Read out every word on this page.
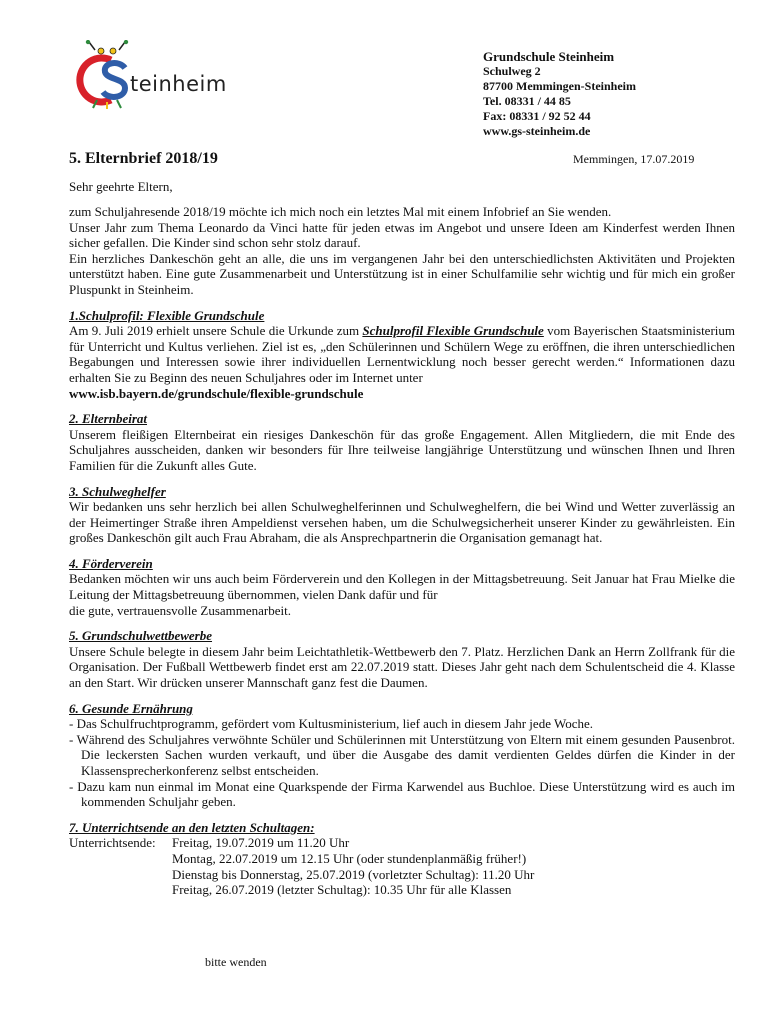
teinheim
Grundschule Steinheim
Schulweg 2
87700 Memmingen-Steinheim
Tel. 08331 / 44 85
Fax: 08331 / 92 52 44
www.gs-steinheim.de
5. Elternbrief 2018/19	Memmingen, 17.07.2019
Sehr geehrte Eltern,

zum Schuljahresende 2018/19 möchte ich mich noch ein letztes Mal mit einem Infobrief an Sie wenden.

Unser Jahr zum Thema Leonardo da Vinci hatte für jeden etwas im Angebot und unsere Ideen am Kinderfest werden Ihnen sicher gefallen. Die Kinder sind schon sehr stolz darauf.

Ein herzliches Dankeschön geht an alle, die uns im vergangenen Jahr bei den unterschiedlichsten Aktivitäten und Projekten unterstützt haben. Eine gute Zusammenarbeit und Unterstützung ist in einer Schulfamilie sehr wichtig und für mich ein großer Pluspunkt in Steinheim.

1.Schulprofil: Flexible Grundschule

Am 9. Juli 2019 erhielt unsere Schule die Urkunde zum Schulprofil Flexible Grundschule vom Bayerischen Staatsministerium für Unterricht und Kultus verliehen. Ziel ist es, „den Schülerinnen und Schülern Wege zu eröffnen, die ihren unterschiedlichen Begabungen und Interessen sowie ihrer individuellen Lernentwicklung noch besser gerecht werden.“ Informationen dazu erhalten Sie zu Beginn des neuen Schuljahres oder im Internet unter

www.isb.bayern.de/grundschule/flexible-grundschule

2. Elternbeirat

Unserem fleißigen Elternbeirat ein riesiges Dankeschön für das große Engagement. Allen Mitgliedern, die mit Ende des Schuljahres ausscheiden, danken wir besonders für Ihre teilweise langjährige Unterstützung und wünschen Ihnen und Ihren Familien für die Zukunft alles Gute.

3. Schulweghelfer

Wir bedanken uns sehr herzlich bei allen Schulweghelferinnen und Schulweghelfern, die bei Wind und Wetter zuverlässig an der Heimertinger Straße ihren Ampeldienst versehen haben, um die Schulwegsicherheit unserer Kinder zu gewährleisten. Ein großes Dankeschön gilt auch Frau Abraham, die als Ansprechpartnerin die Organisation gemanagt hat.

4. Förderverein

Bedanken möchten wir uns auch beim Förderverein und den Kollegen in der Mittagsbetreuung. Seit Januar hat Frau Mielke die Leitung der Mittagsbetreuung übernommen, vielen Dank dafür und für

die gute, vertrauensvolle Zusammenarbeit.

5. Grundschulwettbewerbe

Unsere Schule belegte in diesem Jahr beim Leichtathletik-Wettbewerb den 7. Platz. Herzlichen Dank an Herrn Zollfrank für die Organisation. Der Fußball Wettbewerb findet erst am 22.07.2019 statt. Dieses Jahr geht nach dem Schulentscheid die 4. Klasse an den Start. Wir drücken unserer Mannschaft ganz fest die Daumen.

6. Gesunde Ernährung

- Das Schulfruchtprogramm, gefördert vom Kultusministerium, lief auch in diesem Jahr jede Woche.

- Während des Schuljahres verwöhnte Schüler und Schülerinnen mit Unterstützung von Eltern mit einem gesunden Pausenbrot. Die leckersten Sachen wurden verkauft, und über die Ausgabe des damit verdienten Geldes dürfen die Kinder in der Klassensprecherkonferenz selbst entscheiden.

- Dazu kam nun einmal im Monat eine Quarkspende der Firma Karwendel aus Buchloe. Diese Unterstützung wird es auch im kommenden Schuljahr geben.

7. Unterrichtsende an den letzten Schultagen:

Unterrichtsende:	Freitag, 19.07.2019 um 11.20 Uhr
Montag, 22.07.2019 um 12.15 Uhr (oder stundenplanmäßig früher!)
Dienstag bis Donnerstag, 25.07.2019 (vorletzter Schultag): 11.20 Uhr
Freitag, 26.07.2019 (letzter Schultag): 10.35 Uhr für alle Klassen
bitte wenden
